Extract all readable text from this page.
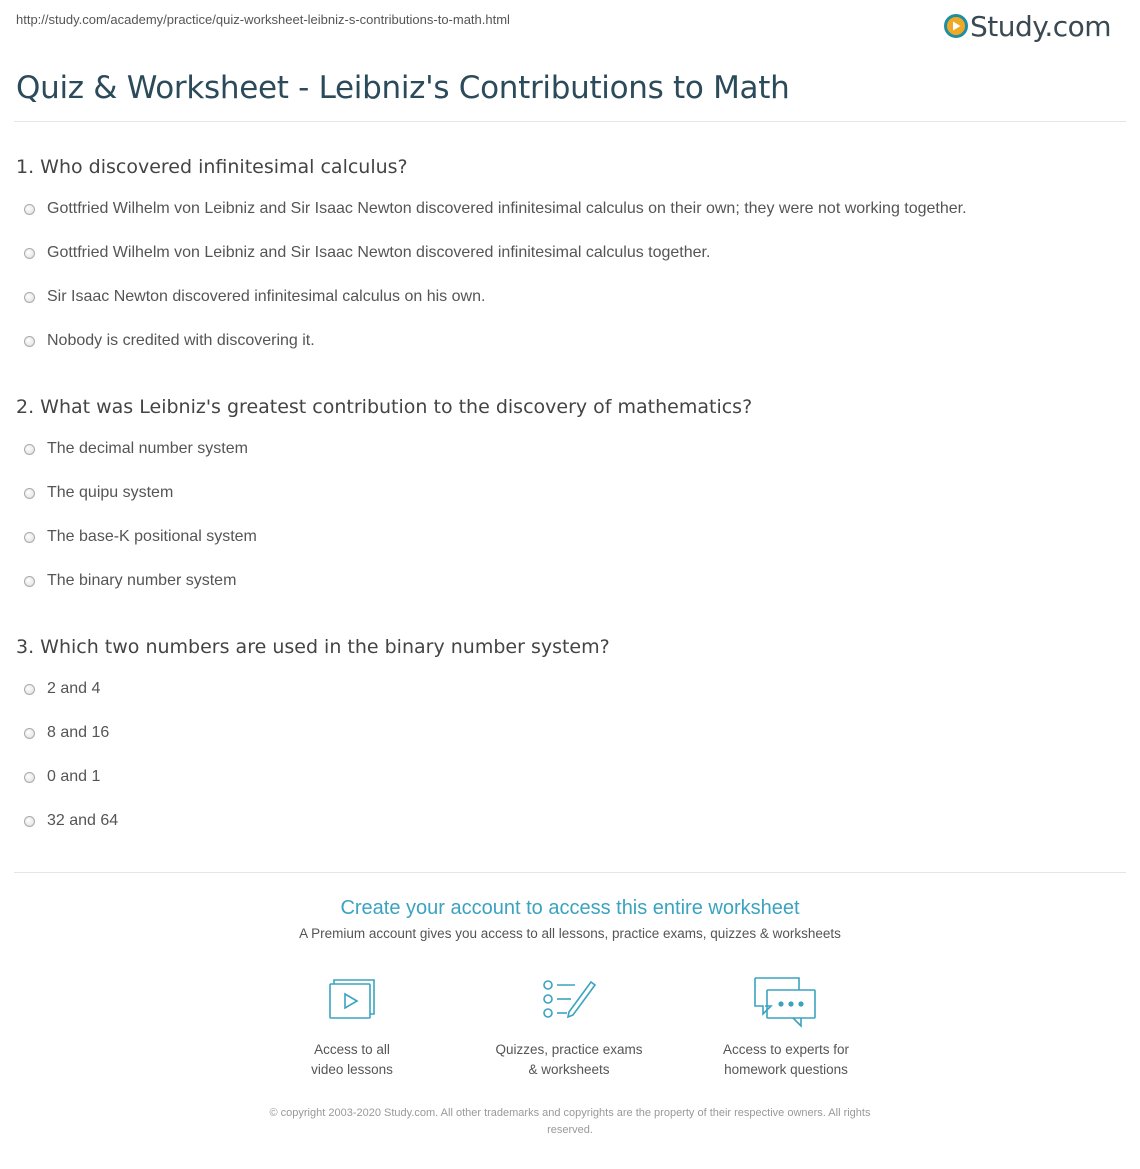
http://study.com/academy/practice/quiz-worksheet-leibniz-s-contributions-to-math.html	Study.com
Quiz & Worksheet - Leibniz's Contributions to Math
1. Who discovered infinitesimal calculus?
Gottfried Wilhelm von Leibniz and Sir Isaac Newton discovered infinitesimal calculus on their own; they were not working together.
Gottfried Wilhelm von Leibniz and Sir Isaac Newton discovered infinitesimal calculus together.
Sir Isaac Newton discovered infinitesimal calculus on his own.
Nobody is credited with discovering it.
2. What was Leibniz's greatest contribution to the discovery of mathematics?
The decimal number system
The quipu system
The base-K positional system
The binary number system
3. Which two numbers are used in the binary number system?
2 and 4
8 and 16
0 and 1
32 and 64
Create your account to access this entire worksheet
A Premium account gives you access to all lessons, practice exams, quizzes & worksheets
Access to all
video lessons
Quizzes, practice exams
& worksheets
Access to experts for
homework questions
© copyright 2003-2020 Study.com. All other trademarks and copyrights are the property of their respective owners. All rights
reserved.
